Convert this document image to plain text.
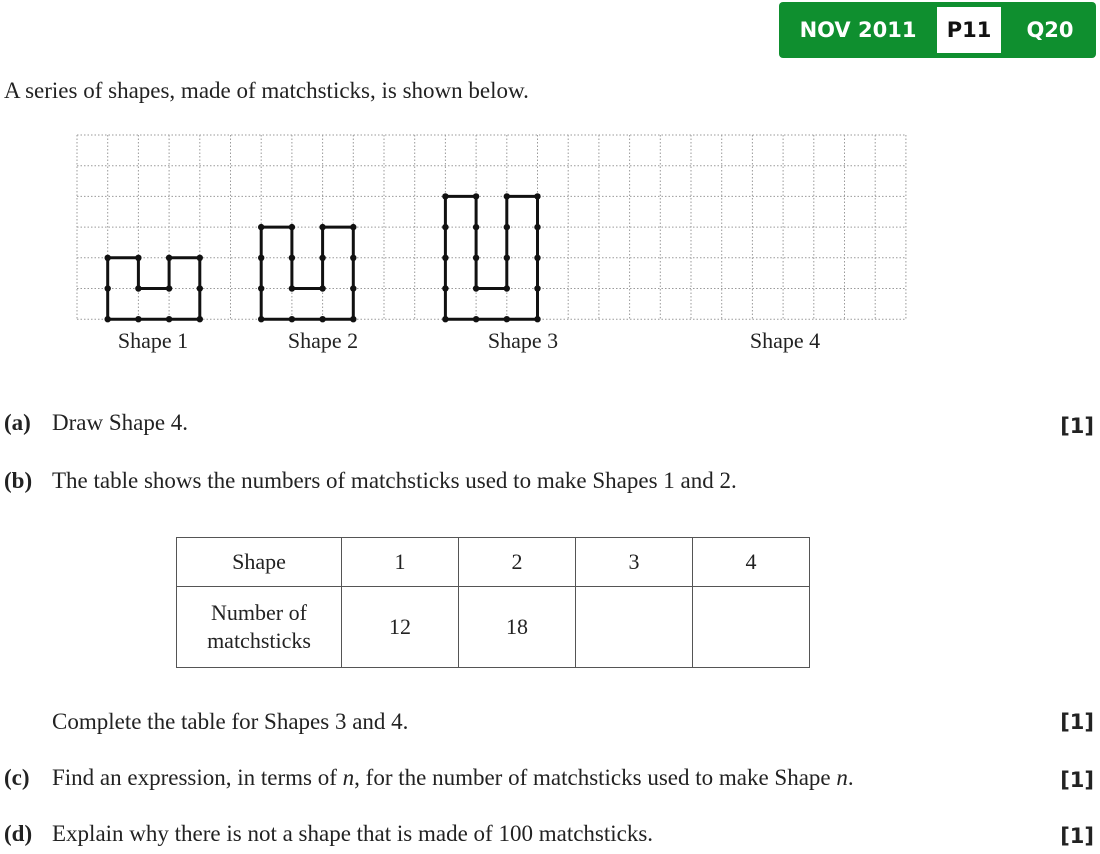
NOV 2011	P11	Q20
A series of shapes, made of matchsticks, is shown below.
Shape 1	Shape 2	Shape 3	Shape 4
(a) Draw Shape 4.	[1]
(b) The table shows the numbers of matchsticks used to make Shapes 1 and 2.
Shape	1	2	3	4

Number of matchsticks	12	18		
Complete the table for Shapes 3 and 4.	[1]
(c) Find an expression, in terms of n, for the number of matchsticks used to make Shape n.	[1]
(d) Explain why there is not a shape that is made of 100 matchsticks.	[1]
